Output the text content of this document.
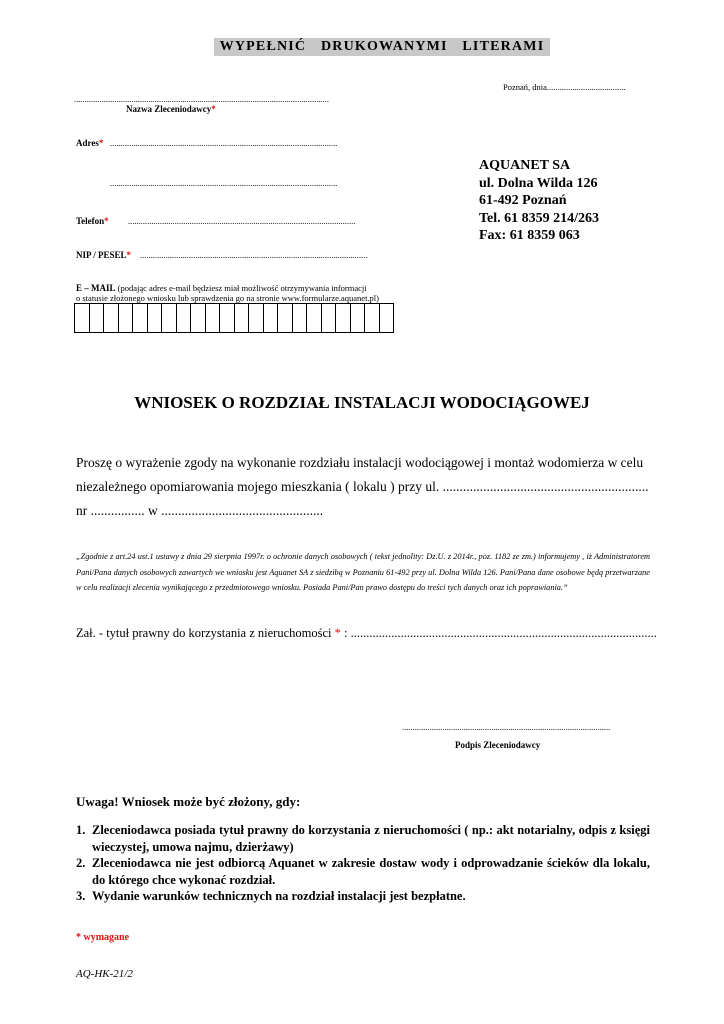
WYPEŁNIĆ DRUKOWANYMI LITERAMI
Poznań, dnia.....................................
........................................................................................................................
Nazwa Zleceniodawcy*
Adres* ...........................................................................................................
...........................................................................................................
Telefon* ...........................................................................................................
NIP / PESEL* ...........................................................................................................
E – MAIL (podając adres e-mail będziesz miał możliwość otrzymywania informacji
o statusie złożonego wniosku lub sprawdzenia go na stronie www.formularze.aquanet.pl)
AQUANET SA
ul. Dolna Wilda 126
61-492 Poznań
Tel. 61 8359 214/263
Fax: 61 8359 063
WNIOSEK O ROZDZIAŁ INSTALACJI WODOCIĄGOWEJ
Proszę o wyrażenie zgody na wykonanie rozdziału instalacji wodociągowej i montaż wodomierza w celu
niezależnego opomiarowania mojego mieszkania ( lokalu ) przy ul. .............................................................
nr ................ w ................................................
„Zgodnie z art.24 ust.1 ustawy z dnia 29 sierpnia 1997r. o ochronie danych osobowych ( tekst jednolity: Dz.U. z 2014r., poz. 1182 ze zm.) informujemy , iż Administratorem Pani/Pana danych osobowych zawartych we wniosku jest Aquanet SA z siedzibą w Poznaniu 61-492 przy ul. Dolna Wilda 126. Pani/Pana dane osobowe będą przetwarzane w celu realizacji zlecenia wynikającego z przedmiotowego wniosku. Posiada Pani/Pan prawo dostępu do treści tych danych oraz ich poprawiania.”
Zał. - tytuł prawny do korzystania z nieruchomości * : ..................................................................................................
..................................................................................................
Podpis Zleceniodawcy
Uwaga! Wniosek może być złożony, gdy:
1. Zleceniodawca posiada tytuł prawny do korzystania z nieruchomości ( np.: akt notarialny, odpis z księgi wieczystej, umowa najmu, dzierżawy)
2. Zleceniodawca nie jest odbiorcą Aquanet w zakresie dostaw wody i odprowadzanie ścieków dla lokalu, do którego chce wykonać rozdział.
3. Wydanie warunków technicznych na rozdział instalacji jest bezpłatne.
* wymagane
AQ-HK-21/2
